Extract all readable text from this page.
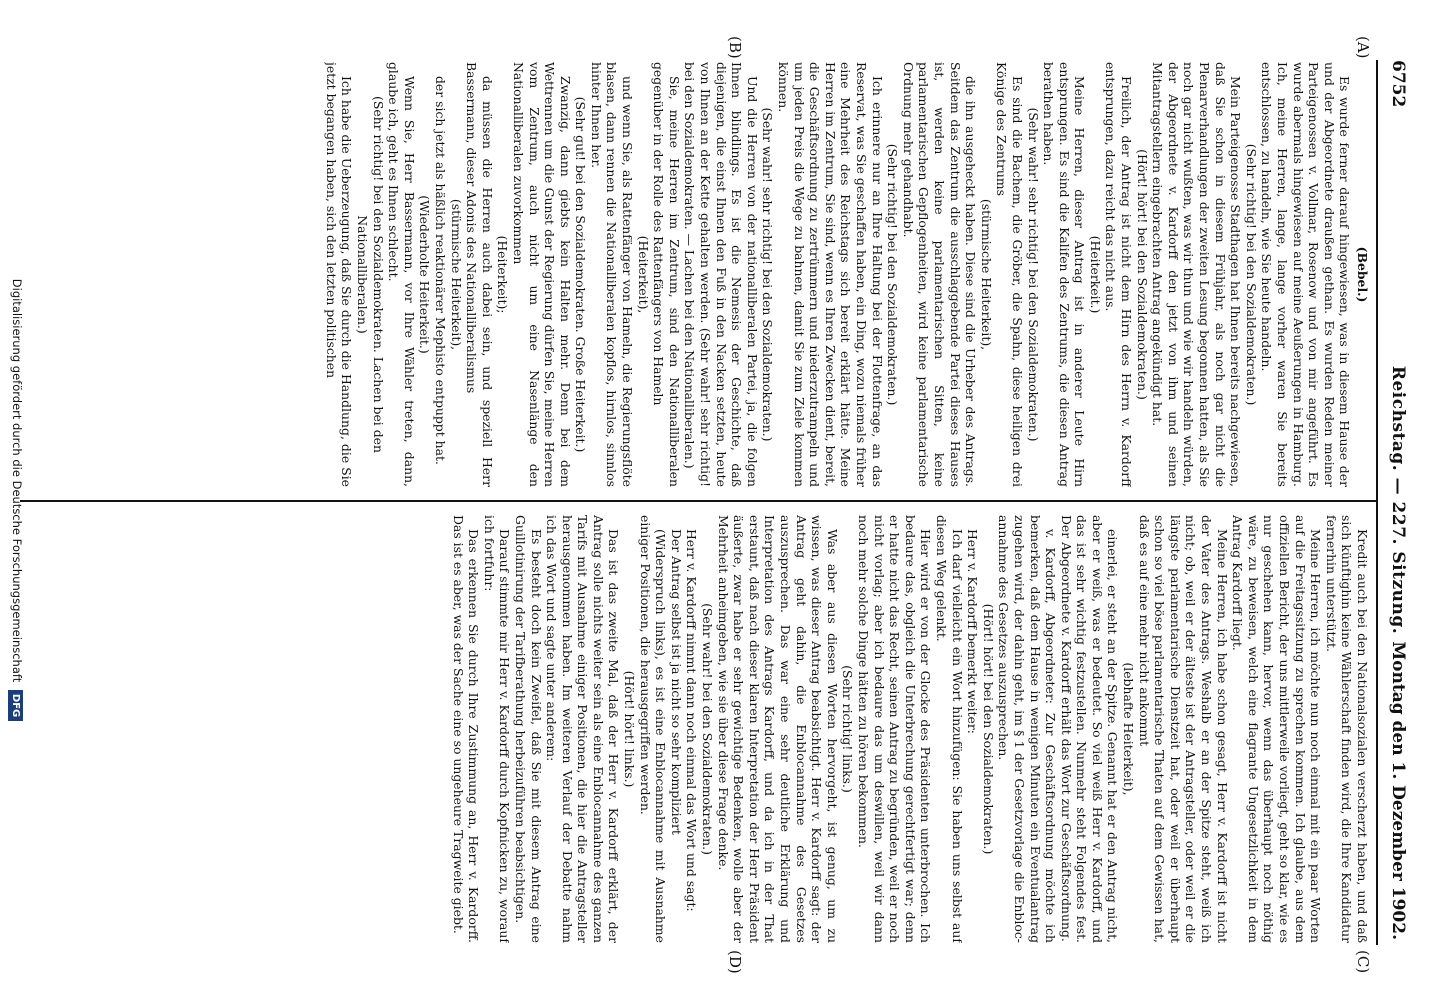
6752
Reichstag. — 227. Sitzung.
Montag den 1. Dezember 1902.
(A)
(B)
(C)
(D)

(Bebel.)

Es wurde ferner darauf hingewiesen, was in diesem Hause der und der Abgeordnete draußen gethan. Es wurden Reden meiner Parteigenossen v. Vollmar, Rosenow und von mir angeführt. Es wurde abermals hingewiesen auf meine Aeußerungen in Hamburg. Ich, meine Herren, lange, lange vorher waren Sie bereits entschlossen, zu handeln, wie Sie heute handeln.

(Sehr richtig! bei den Sozialdemokraten.)

Mein Parteigenosse Stadthagen hat Ihnen bereits nachgewiesen, daß Sie schon in diesem Frühjahr, als noch gar nicht die Plenarverhandlungen der zweiten Lesung begonnen hatten, als Sie noch gar nicht wußten, was wir thun und wie wir handeln würden, der Abgeordnete v. Kardorff den jetzt von ihm und seinen Mitantragstellern eingebrachten Antrag angekündigt hat.

(Hört! hört! bei den Sozialdemokraten.)

Freilich, der Antrag ist nicht dem Hirn des Herrn v. Kardorff entsprungen, dazu reicht das nicht aus.

(Heiterkeit.)

Meine Herren, dieser Antrag ist in anderer Leute Hirn entsprungen. Es sind die Kalifen des Zentrums, die diesen Antrag berathen haben.

(Sehr wahr! sehr richtig! bei den Sozialdemokraten.)

Es sind die Bachem, die Gröber, die Spahn, diese heiligen drei Könige des Zentrums

(stürmische Heiterkeit),

die ihn ausgeheckt haben. Diese sind die Urheber des Antrags. Seitdem das Zentrum die ausschlaggebende Partei dieses Hauses ist, werden keine parlamentarischen Sitten, keine parlamentarischen Gepflogenheiten, wird keine parlamentarische Ordnung mehr gehandhabt.

(Sehr richtig! bei den Sozialdemokraten.)

Ich erinnere nur an Ihre Haltung bei der Flottenfrage, an das Reservat, was Sie geschaffen haben, ein Ding, wozu niemals früher eine Mehrheit des Reichstags sich bereit erklärt hätte. Meine Herren im Zentrum, Sie sind, wenn es Ihren Zwecken dient, bereit, die Geschäftsordnung zu zertrümmern und niederzutrampeln und um jeden Preis die Wege zu bahnen, damit Sie zum Ziele kommen können.

(Sehr wahr! sehr richtig! bei den Sozialdemokraten.)

Und die Herren von der nationalliberalen Partei, ja, die folgen Ihnen blindlings. Es ist die Nemesis der Geschichte, daß diejenigen, die einst Ihnen den Fuß in den Nacken setzten, heute von Ihnen an der Kette gehalten werden. (Sehr wahr! sehr richtig! bei den Sozialdemokraten. — Lachen bei den Nationalliberalen.)

Sie, meine Herren im Zentrum, sind den Nationalliberalen gegenüber in der Rolle des Rattenfängers von Hameln

(Heiterkeit),

und wenn Sie, als Rattenfänger von Hameln, die Regierungsflöte blasen, dann rennen die Nationalliberalen kopflos, hirnlos, sinnlos hinter Ihnen her.

(Sehr gut! bei den Sozialdemokraten. Große Heiterkeit.)

Zwanzig, dann giebts kein Halten mehr. Denn bei dem Wettrennen um die Gunst der Regierung dürfen Sie, meine Herren vom Zentrum, auch nicht um eine Nasenlänge den Nationalliberalen zuvorkommen

(Heiterkeit);

da müssen die Herren auch dabei sein, und speziell Herr Bassermann, dieser Adonis des Nationalliberalismus

(stürmische Heiterkeit),

der sich jetzt als häßlich reaktionärer Mephisto entpuppt hat.

(Wiederholte Heiterkeit.)

Wenn Sie, Herr Bassermann, vor Ihre Wähler treten, dann, glaube ich, geht es Ihnen schlecht.

(Sehr richtig! bei den Sozialdemokraten. Lachen bei den Nationalliberalen.)

Ich habe die Ueberzeugung, daß Sie durch die Handlung, die Sie jetzt begangen haben, sich den letzten politischen

Kredit auch bei den Nationalsozialen verscherzt haben, und daß sich künftighin keine Wählerschaft finden wird, die Ihre Kandidatur fernerhin unterstützt.

Meine Herren, ich möchte nun noch einmal mit ein paar Worten auf die Freitagssitzung zu sprechen kommen. Ich glaube, aus dem offiziellen Bericht, der uns mittlerweile vorliegt, geht so klar, wie es nur geschehen kann, hervor, wenn das überhaupt noch nöthig wäre, zu beweisen, welch eine flagrante Ungesetzlichkeit in dem Antrag Kardorff liegt.

Meine Herren, ich habe schon gesagt, Herr v. Kardorff ist nicht der Vater des Antrags. Weshalb er an der Spitze steht, weiß ich nicht; ob, weil er der älteste ist der Antragsteller, oder weil er die längste parlamentarische Dienstzeit hat, oder weil er überhaupt schon so viel böse parlamentarische Thaten auf dem Gewissen hat, daß es auf eine mehr nicht ankommt

(lebhafte Heiterkeit),

einerlei, er steht an der Spitze. Genannt hat er den Antrag nicht, aber er weiß, was er bedeutet. So viel weiß Herr v. Kardorff, und das ist sehr wichtig festzustellen. Nunmehr steht Folgendes fest. Der Abgeordnete v. Kardorff erhält das Wort zur Geschäftsordnung.

v. Kardorff, Abgeordneter: Zur Geschäftsordnung möchte ich bemerken, daß dem Hause in wenigen Minuten ein Eventualantrag zugehen wird, der dahin geht, im § 1 der Gesetzvorlage die Enbloc-annahme des Gesetzes auszusprechen.

(Hört! hört! bei den Sozialdemokraten.)

Herr v. Kardorff bemerkt weiter:

Ich darf vielleicht ein Wort hinzufügen: Sie haben uns selbst auf diesen Weg gelenkt.

Hier wird er von der Glocke des Präsidenten unterbrochen. Ich bedaure das, obgleich die Unterbrechung gerechtfertigt war; denn er hatte nicht das Recht, seinen Antrag zu begründen, weil er noch nicht vorlag; aber ich bedaure das um deswillen, weil wir dann noch mehr solche Dinge hätten zu hören bekommen.

(Sehr richtig! links.)

Was aber aus diesen Worten hervorgeht, ist genug, um zu wissen, was dieser Antrag beabsichtigt. Herr v. Kardorff sagt: der Antrag geht dahin, die Enblocannahme des Gesetzes auszusprechen. Das war eine sehr deutliche Erklärung und Interpretation des Antrags Kardorff, und da ich in der That erstaunt, daß nach dieser klaren Interpretation der Herr Präsident äußerte, zwar habe er sehr gewichtige Bedenken, wolle aber der Mehrheit anheimgeben, wie sie über diese Frage denke.

(Sehr wahr! bei den Sozialdemokraten.)

Herr v. Kardorff nimmt dann noch einmal das Wort und sagt:

Der Antrag selbst ist ja nicht so sehr kompliziert

(Widerspruch links), es ist eine Enblocannahme mit Ausnahme einiger Positionen, die herausgegriffen werden.

(Hört! hört! links.)

Das ist das zweite Mal, daß der Herr v. Kardorff erklärt, der Antrag solle nichts weiter sein als eine Enblocannahme des ganzen Tarifs mit Ausnahme einiger Positionen, die hier die Antragsteller herausgenommen haben. Im weiteren Verlauf der Debatte nahm ich das Wort und sagte unter anderem:

Es besteht doch kein Zweifel, daß Sie mit diesem Antrag eine Guillotinirung der Tarifberathung herbeizuführen beabsichtigen.

Darauf stimmte mir Herr v. Kardorff durch Kopfnicken zu, worauf ich fortfuhr:

Das erkennen Sie durch Ihre Zustimmung an, Herr v. Kardorff. Das ist es aber, was der Sache eine so ungeheure Tragweite giebt.

Digitalisierung gefördert durch die Deutsche Forschungsgemeinschaft DFG
